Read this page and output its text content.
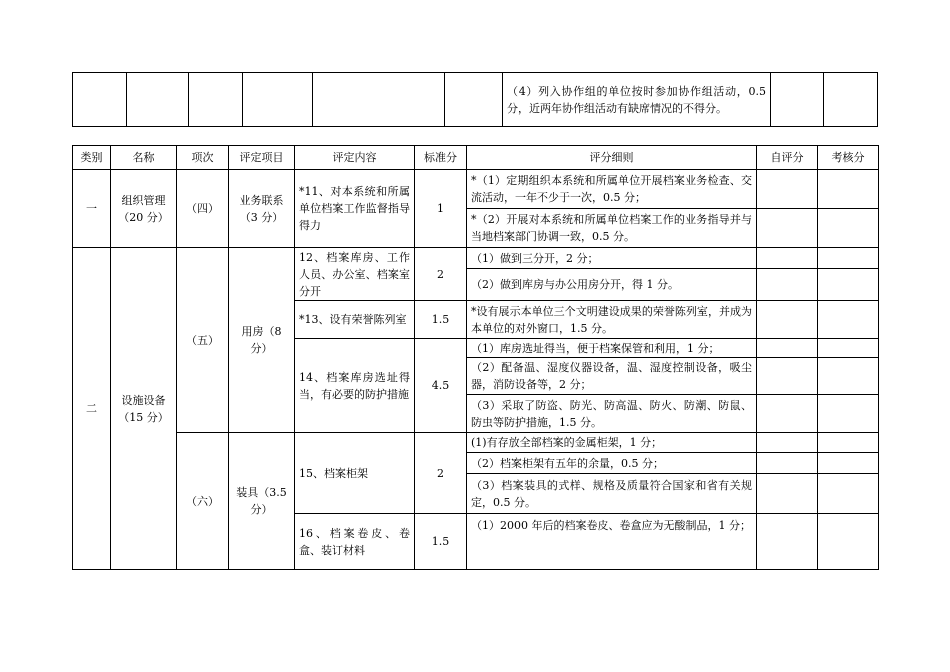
						（4）列入协作组的单位按时参加协作组活动，0.5 分，近两年协作组活动有缺席情况的不得分。		
类别	名称	项次	评定项目	评定内容	标准分	评分细则	自评分	考核分
一	组织管理（20 分）	（四）	业务联系（3 分）	*11、对本系统和所属单位档案工作监督指导得力	1	*（1）定期组织本系统和所属单位开展档案业务检查、交流活动，一年不少于一次，0.5 分；		
						*（2）开展对本系统和所属单位档案工作的业务指导并与当地档案部门协调一致，0.5 分。		
二	设施设备（15 分）	（五）	用房（8 分）	12、档案库房、工作人员、办公室、档案室分开	2	（1）做到三分开，2 分；		
						（2）做到库房与办公用房分开，得 1 分。		
				*13、设有荣誉陈列室	1.5	*设有展示本单位三个文明建设成果的荣誉陈列室，并成为本单位的对外窗口，1.5 分。		
				14、档案库房选址得当，有必要的防护措施	4.5	（1）库房选址得当，便于档案保管和利用，1 分；		
						（2）配备温、湿度仪器设备，温、湿度控制设备，吸尘器，消防设备等，2 分；		
						（3）采取了防盗、防光、防高温、防火、防潮、防鼠、防虫等防护措施，1.5 分。		
		（六）	装具（3.5 分）	15、档案柜架	2	(1)有存放全部档案的金属柜架，1 分；		
						（2）档案柜架有五年的余量，0.5 分；		
						（3）档案装具的式样、规格及质量符合国家和省有关规定，0.5 分。		
				16、档案卷皮、卷盒、装订材料	1.5	（1）2000 年后的档案卷皮、卷盒应为无酸制品，1 分；		
